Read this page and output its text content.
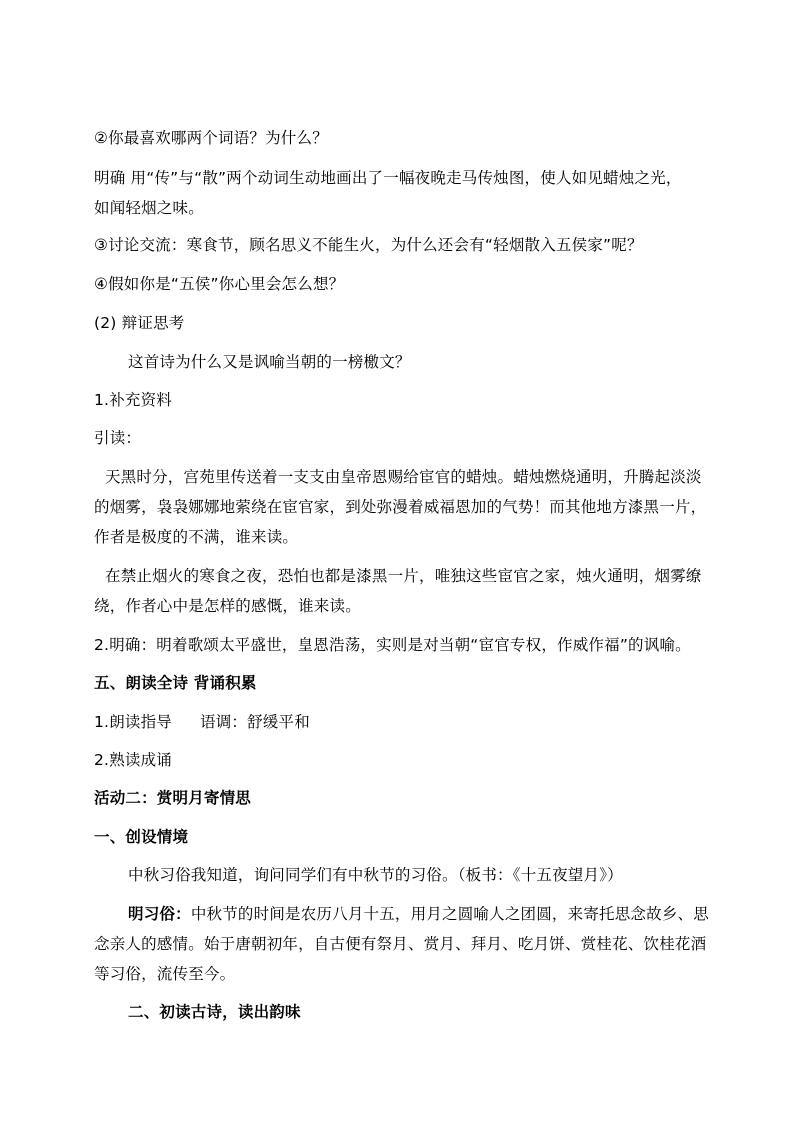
②你最喜欢哪两个词语？为什么？
明确 用“传”与“散”两个动词生动地画出了一幅夜晚走马传烛图，使人如见蜡烛之光，
如闻轻烟之味。
③讨论交流：寒食节，顾名思义不能生火，为什么还会有“轻烟散入五侯家”呢？
④假如你是“五侯”你心里会怎么想？
(2) 辩证思考
这首诗为什么又是讽喻当朝的一榜檄文？
1.补充资料
引读：
天黑时分，宫苑里传送着一支支由皇帝恩赐给宦官的蜡烛。蜡烛燃烧通明，升腾起淡淡
的烟雾，袅袅娜娜地萦绕在宦官家，到处弥漫着威福恩加的气势！而其他地方漆黑一片，
作者是极度的不满，谁来读。
在禁止烟火的寒食之夜，恐怕也都是漆黑一片，唯独这些宦官之家，烛火通明，烟雾缭
绕，作者心中是怎样的感慨，谁来读。
2.明确：明着歌颂太平盛世，皇恩浩荡，实则是对当朝“宦官专权，作威作福”的讽喻。
五、朗读全诗 背诵积累
1.朗读指导 语调：舒缓平和
2.熟读成诵
活动二：赏明月寄情思
一、创设情境
中秋习俗我知道，询问同学们有中秋节的习俗。（板书：《十五夜望月》）
明习俗：中秋节的时间是农历八月十五，用月之圆喻人之团圆，来寄托思念故乡、思
念亲人的感情。始于唐朝初年，自古便有祭月、赏月、拜月、吃月饼、赏桂花、饮桂花酒
等习俗，流传至今。
二、初读古诗，读出韵味
